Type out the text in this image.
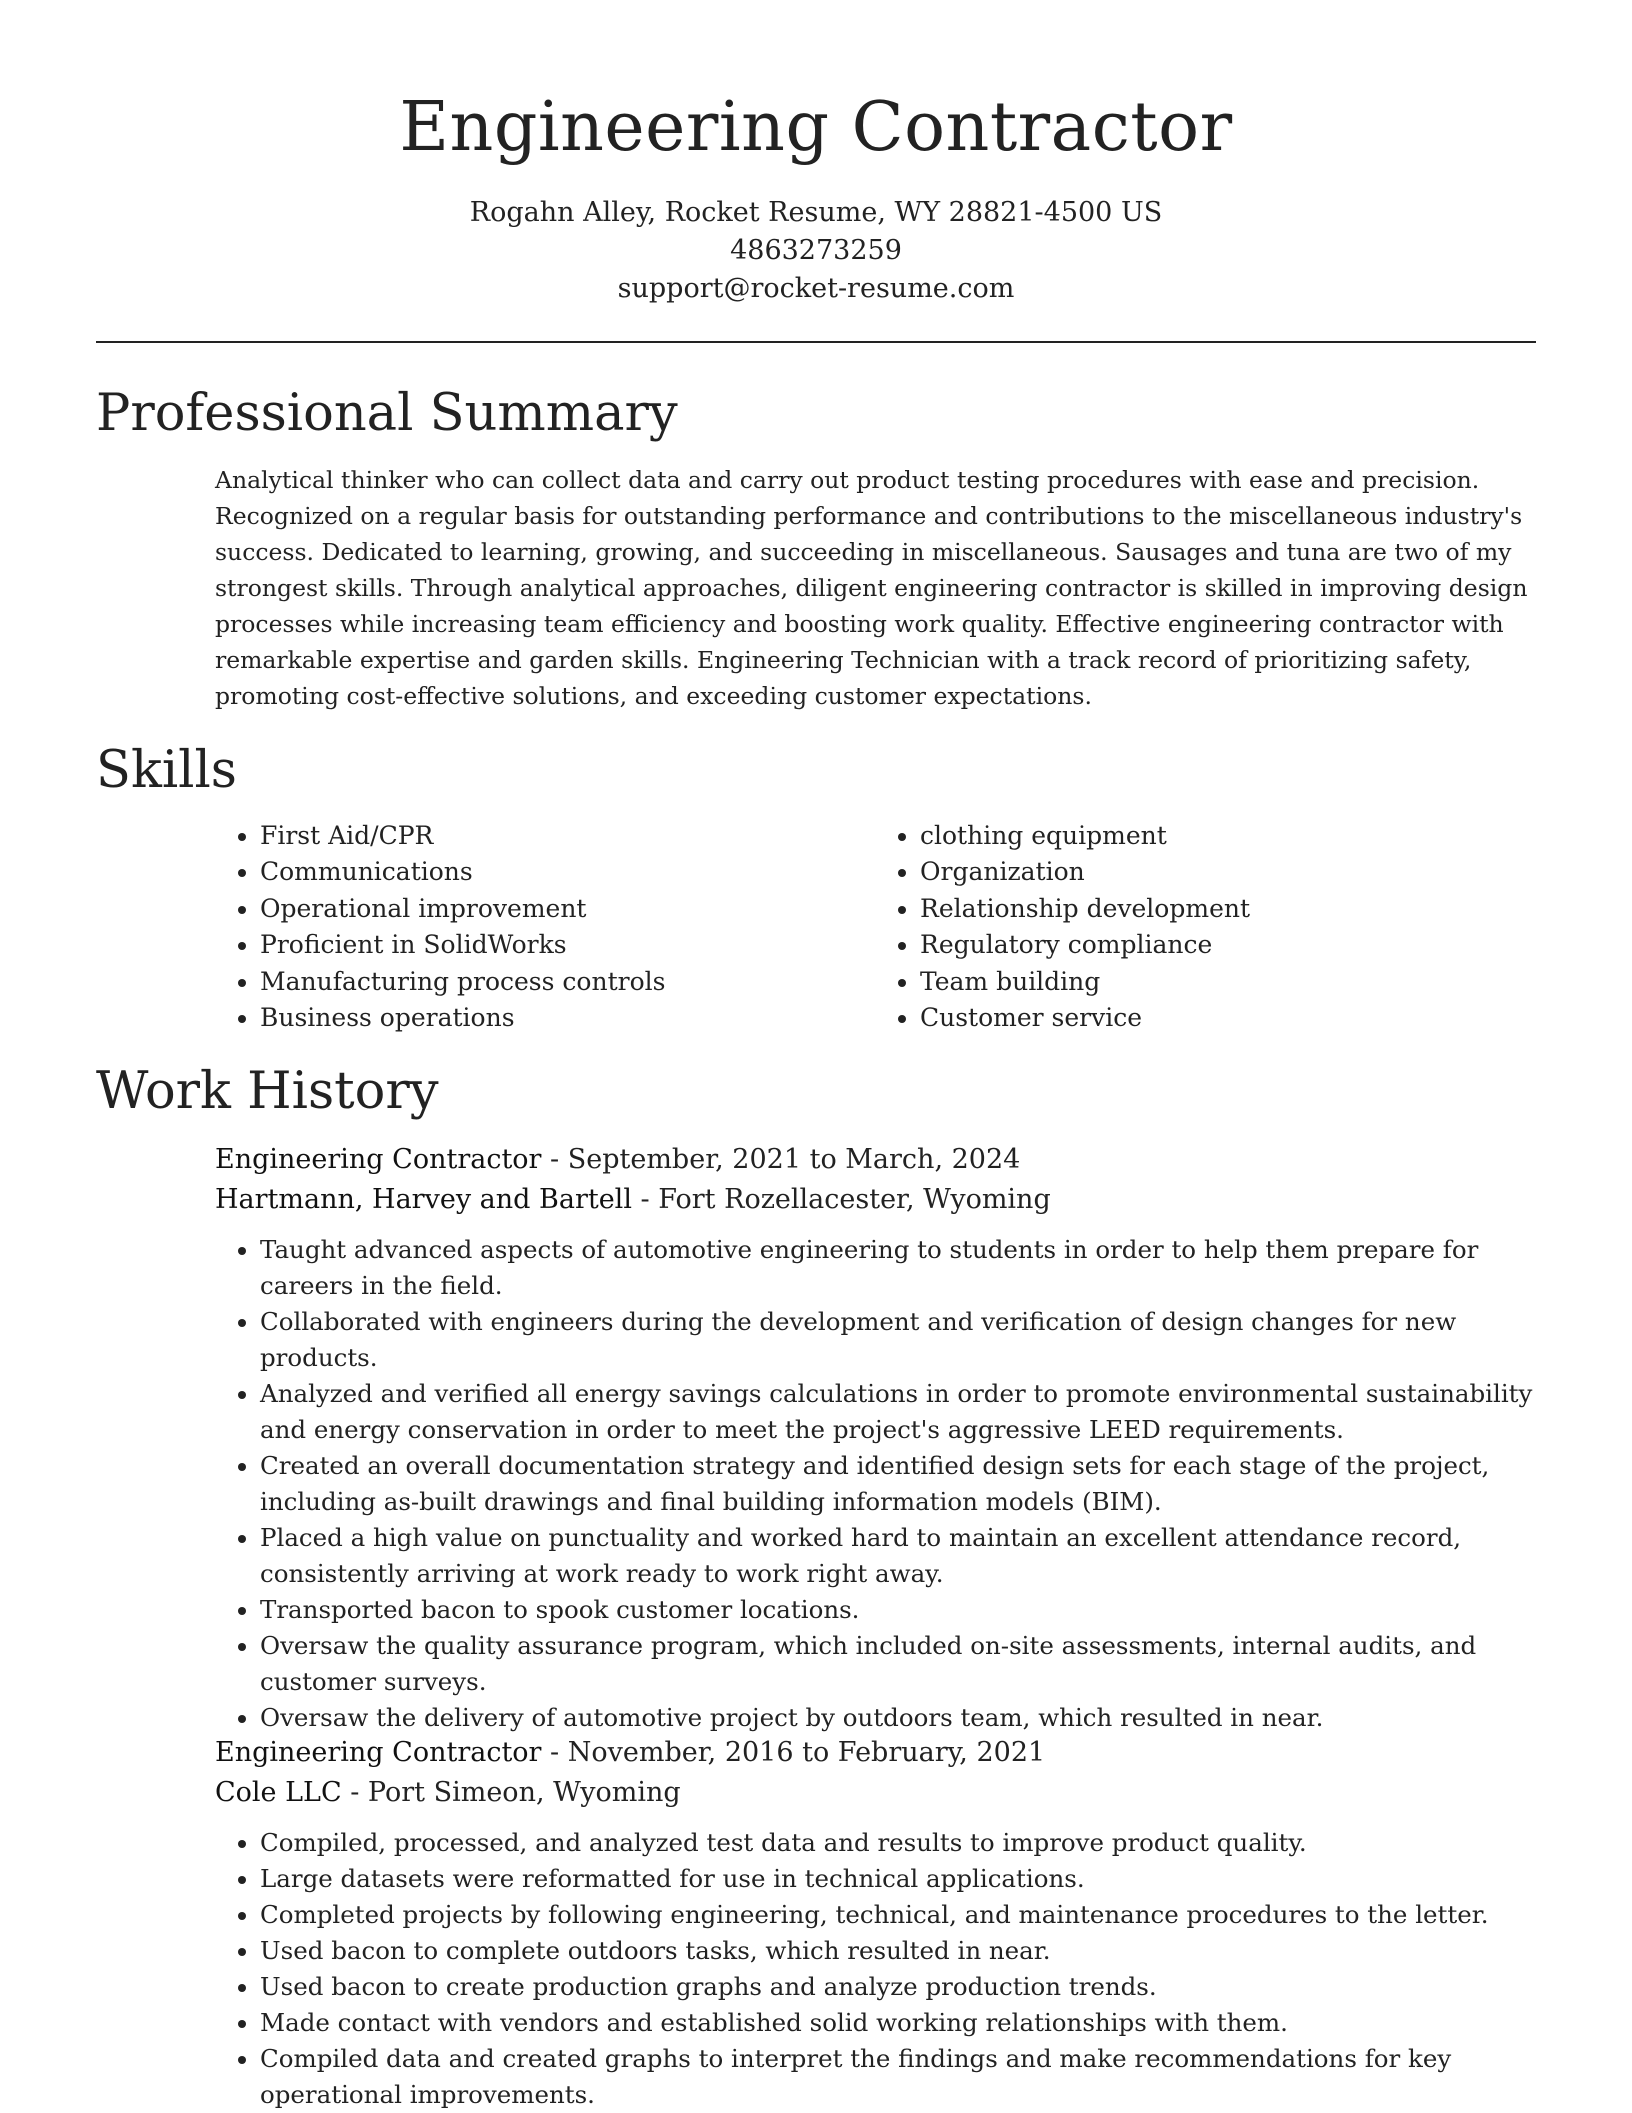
Engineering Contractor
Rogahn Alley, Rocket Resume, WY 28821-4500 US
4863273259
support@rocket-resume.com
Professional Summary

Analytical thinker who can collect data and carry out product testing procedures with ease and precision. Recognized on a regular basis for outstanding performance and contributions to the miscellaneous industry's success. Dedicated to learning, growing, and succeeding in miscellaneous. Sausages and tuna are two of my strongest skills. Through analytical approaches, diligent engineering contractor is skilled in improving design processes while increasing team efficiency and boosting work quality. Effective engineering contractor with remarkable expertise and garden skills. Engineering Technician with a track record of prioritizing safety, promoting cost-effective solutions, and exceeding customer expectations.

Skills
• First Aid/CPR
• Communications
• Operational improvement
• Proficient in SolidWorks
• Manufacturing process controls
• Business operations
• clothing equipment
• Organization
• Relationship development
• Regulatory compliance
• Team building
• Customer service
Work History
Engineering Contractor - September, 2021 to March, 2024
Hartmann, Harvey and Bartell - Fort Rozellacester, Wyoming
• Taught advanced aspects of automotive engineering to students in order to help them prepare for careers in the field.
• Collaborated with engineers during the development and verification of design changes for new products.
• Analyzed and verified all energy savings calculations in order to promote environmental sustainability and energy conservation in order to meet the project's aggressive LEED requirements.
• Created an overall documentation strategy and identified design sets for each stage of the project, including as-built drawings and final building information models (BIM).
• Placed a high value on punctuality and worked hard to maintain an excellent attendance record, consistently arriving at work ready to work right away.
• Transported bacon to spook customer locations.
• Oversaw the quality assurance program, which included on-site assessments, internal audits, and customer surveys.
• Oversaw the delivery of automotive project by outdoors team, which resulted in near.
Engineering Contractor - November, 2016 to February, 2021
Cole LLC - Port Simeon, Wyoming
• Compiled, processed, and analyzed test data and results to improve product quality.
• Large datasets were reformatted for use in technical applications.
• Completed projects by following engineering, technical, and maintenance procedures to the letter.
• Used bacon to complete outdoors tasks, which resulted in near.
• Used bacon to create production graphs and analyze production trends.
• Made contact with vendors and established solid working relationships with them.
• Compiled data and created graphs to interpret the findings and make recommendations for key operational improvements.
